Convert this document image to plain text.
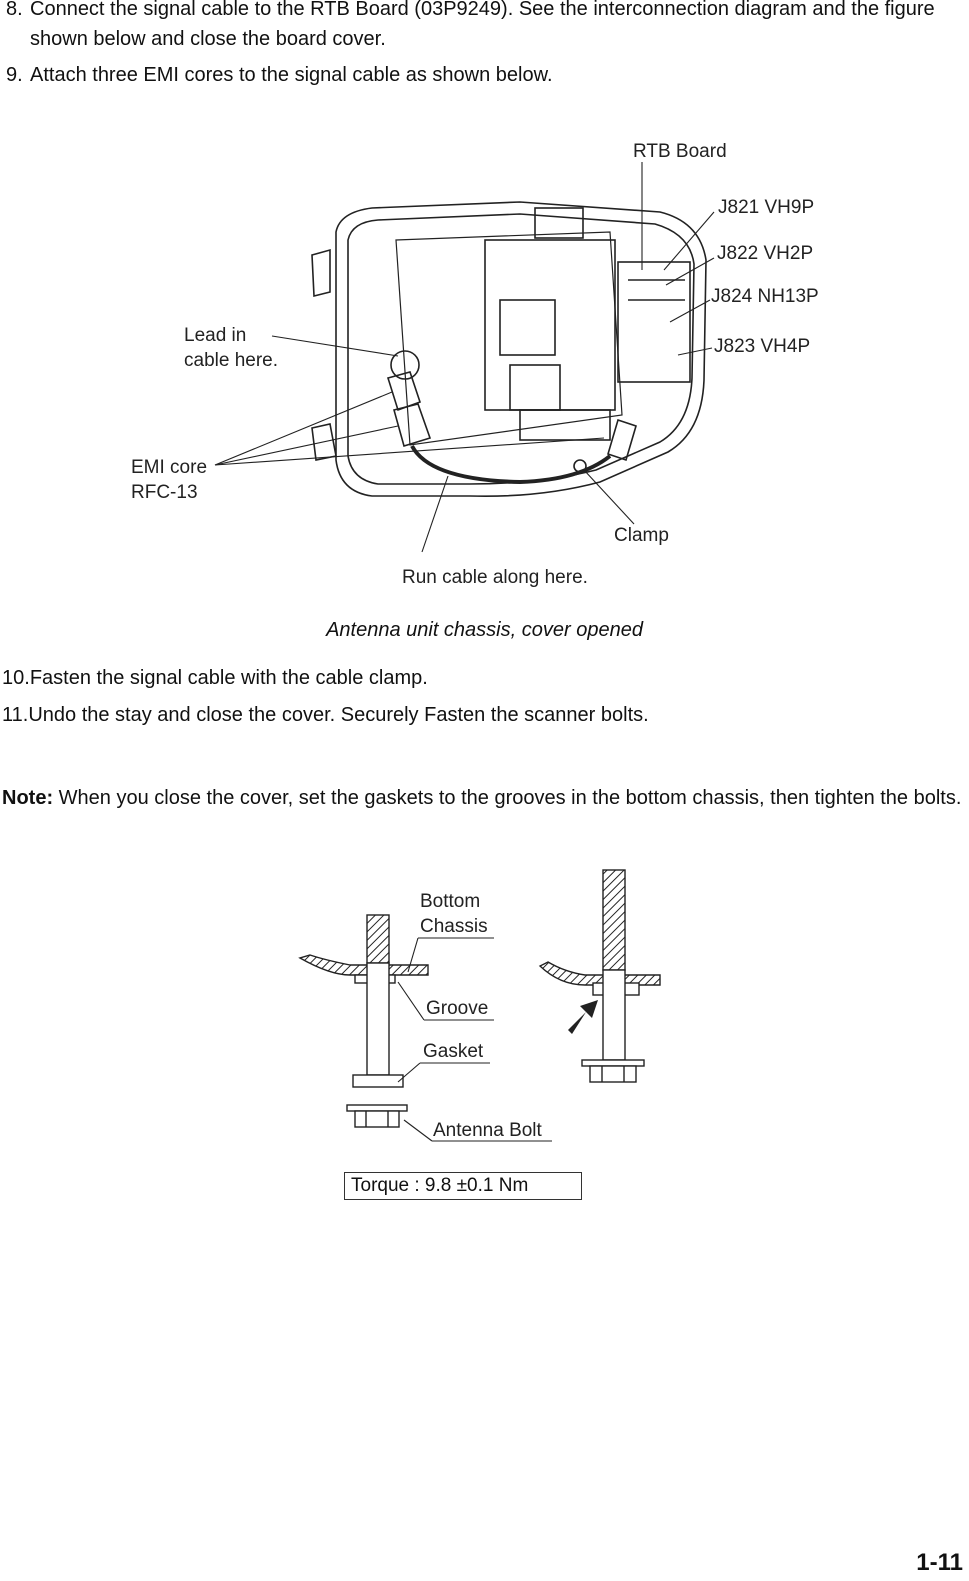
8. Connect the signal cable to the RTB Board (03P9249). See the interconnection diagram and the figure shown below and close the board cover.
9. Attach three EMI cores to the signal cable as shown below.
RTB Board
J821 VH9P
J822 VH2P
J824 NH13P
J823 VH4P
Lead in
cable here.
EMI core
RFC-13
Clamp
Run cable along here.
Antenna unit chassis, cover opened
10.Fasten the signal cable with the cable clamp.
11.Undo the stay and close the cover. Securely Fasten the scanner bolts.
Note: When you close the cover, set the gaskets to the grooves in the bottom chassis, then tighten the bolts.
Bottom
Chassis
Groove
Gasket
Antenna Bolt
Torque : 9.8 ±0.1 Nm
1-11
